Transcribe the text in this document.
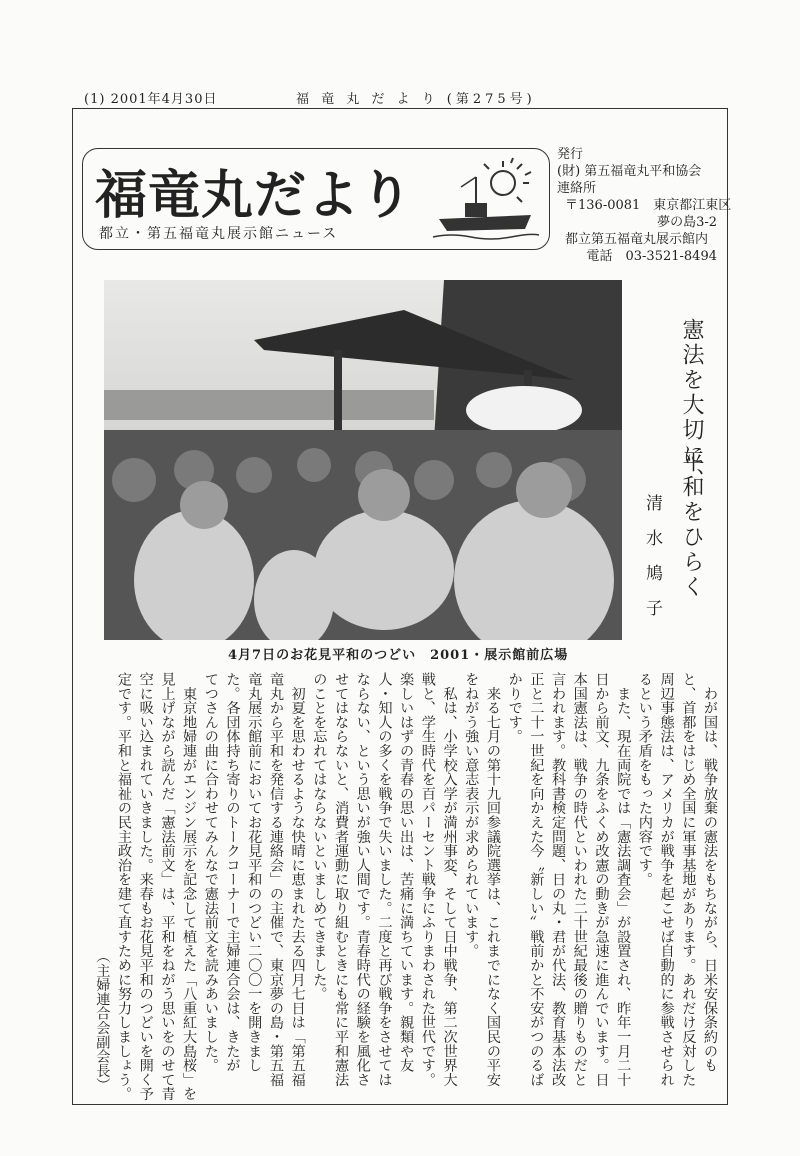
(1) 2001年4月30日	福 竜 丸 だ よ り (第275号)
福竜丸だより
都立・第五福竜丸展示館ニュース
発行
(財) 第五福竜丸平和協会
連絡所
〒136-0081　東京都江東区
夢の島3-2
都立第五福竜丸展示館内
電話　03-3521-8494
4月7日のお花見平和のつどい　2001・展示館前広場
憲法を大切に、
平和をひらく
清水鳩子
　わが国は、戦争放棄の憲法をもちながら、日米安保条約のも
と、首都をはじめ全国に軍事基地があります。あれだけ反対した
周辺事態法は、アメリカが戦争を起こせば自動的に参戦させられ
るという矛盾をもった内容です。
　また、現在両院では「憲法調査会」が設置され、昨年一月二十
日から前文、九条をふくめ改憲の動きが急速に進んでいます。日
本国憲法は、戦争の時代といわれた二十世紀最後の贈りものだと
言われます。教科書検定問題、日の丸・君が代法、教育基本法改
正と二十一世紀を向かえた今〝新しい〟戦前かと不安がつのるば
かりです。
　来る七月の第十九回参議院選挙は、これまでになく国民の平安
をねがう強い意志表示が求められています。
　私は、小学校入学が満州事変、そして日中戦争、第二次世界大
戦と、学生時代を百パーセント戦争にふりまわされた世代です。
楽しいはずの青春の思い出は、苦痛に満ちています。親類や友
人・知人の多くを戦争で失いました。二度と再び戦争をさせては
ならない、という思いが強い人間です。青春時代の経験を風化さ
せてはならないと、消費者運動に取り組むときにも常に平和憲法
のことを忘れてはならないといましめてきました。
　初夏を思わせるような快晴に恵まれた去る四月七日は「第五福
竜丸から平和を発信する連絡会」の主催で、東京夢の島・第五福
竜丸展示館前においてお花見平和のつどい二〇〇一を開きまし
た。各団体持ち寄りのトークコーナーで主婦連合会は、きたが
てつさんの曲に合わせてみんなで憲法前文を読みあいました。
　東京地婦連がエンジン展示を記念して植えた「八重紅大島桜」を
見上げながら読んだ「憲法前文」は、平和をねがう思いをのせて青
空に吸い込まれていきました。来春もお花見平和のつどいを開く予
定です。平和と福祉の民主政治を建て直すために努力しましょう。
（主婦連合会副会長）
